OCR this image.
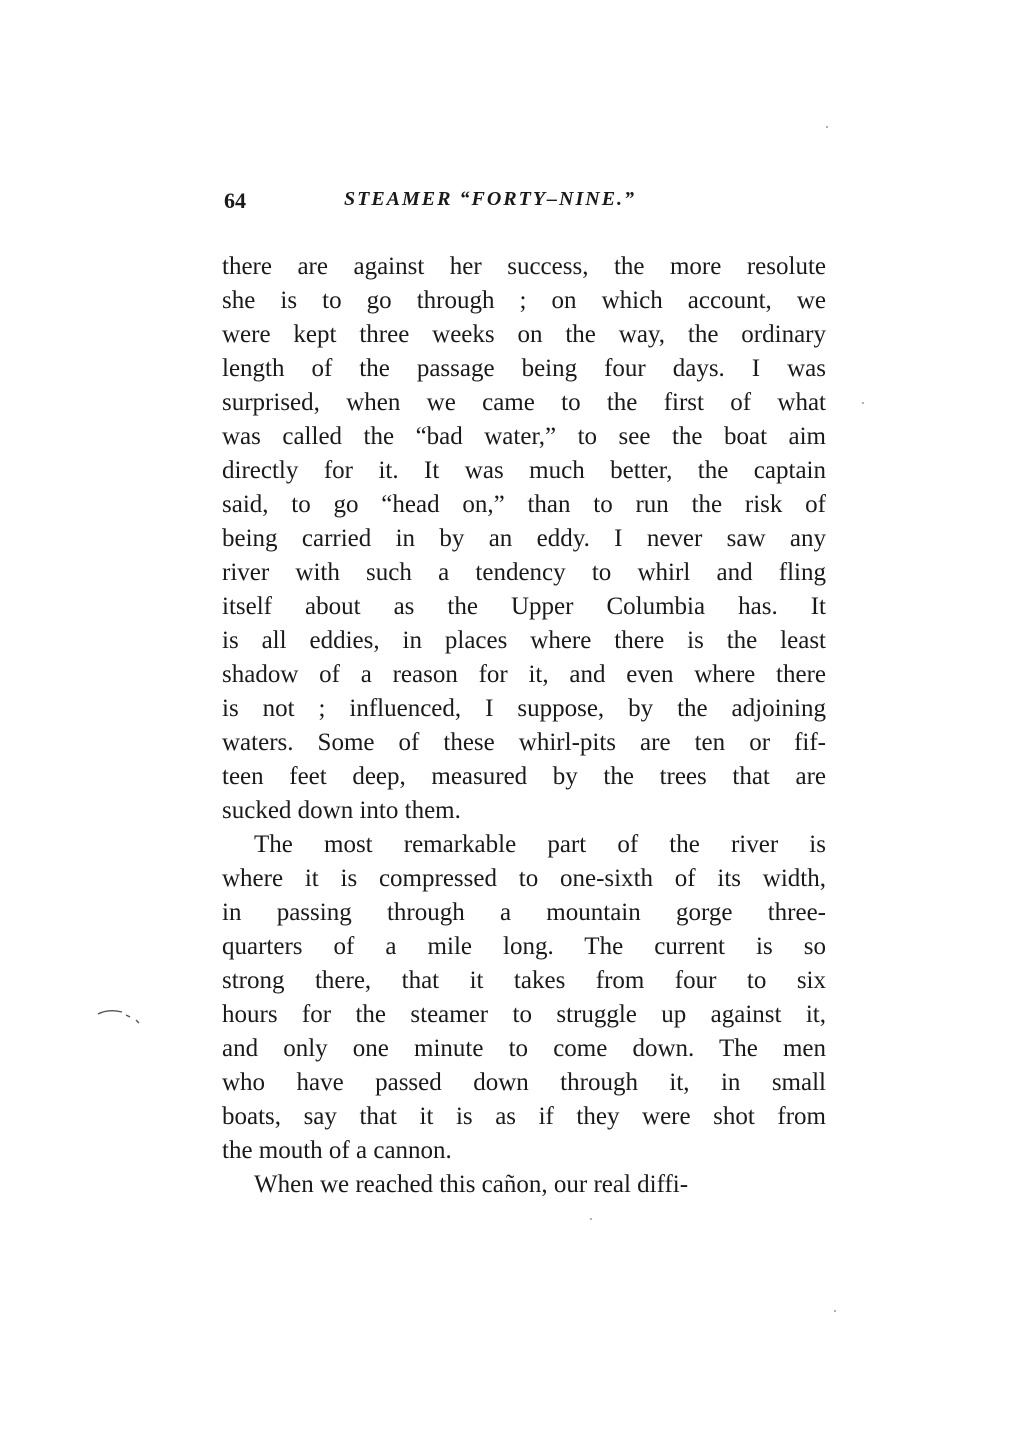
64	STEAMER “FORTY–NINE.”
there are against her success, the more resolute
she is to go through ; on which account, we
were kept three weeks on the way, the ordinary
length of the passage being four days. I was
surprised, when we came to the first of what
was called the “bad water,” to see the boat aim
directly for it. It was much better, the captain
said, to go “head on,” than to run the risk of
being carried in by an eddy. I never saw any
river with such a tendency to whirl and fling
itself about as the Upper Columbia has. It
is all eddies, in places where there is the least
shadow of a reason for it, and even where there
is not ; influenced, I suppose, by the adjoining
waters. Some of these whirl-pits are ten or fif-
teen feet deep, measured by the trees that are
sucked down into them.
The most remarkable part of the river is
where it is compressed to one-sixth of its width,
in passing through a mountain gorge three-
quarters of a mile long. The current is so
strong there, that it takes from four to six
hours for the steamer to struggle up against it,
and only one minute to come down. The men
who have passed down through it, in small
boats, say that it is as if they were shot from
the mouth of a cannon.
When we reached this cañon, our real diffi-
